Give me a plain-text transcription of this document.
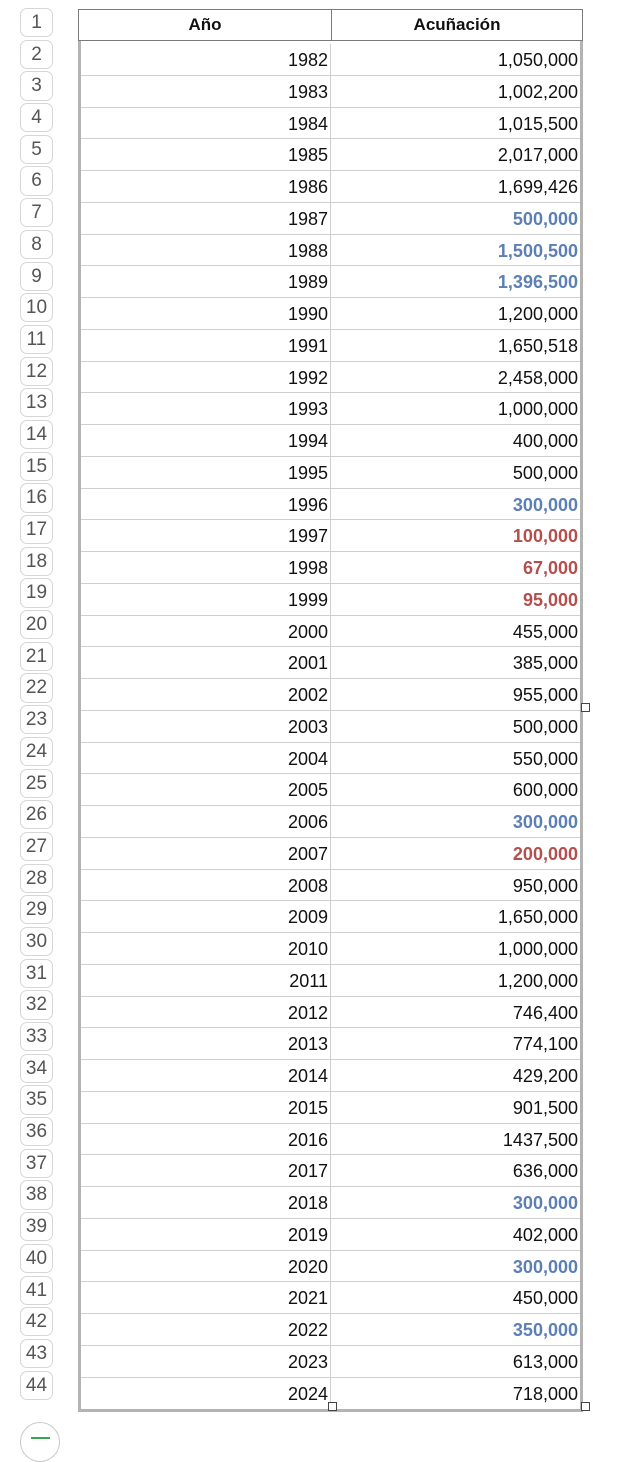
1
2
3
4
5
6
7
8
9
10
11
12
13
14
15
16
17
18
19
20
21
22
23
24
25
26
27
28
29
30
31
32
33
34
35
36
37
38
39
40
41
42
43
44
Año	Acuñación
1982	1,050,000
1983	1,002,200
1984	1,015,500
1985	2,017,000
1986	1,699,426
1987	500,000
1988	1,500,500
1989	1,396,500
1990	1,200,000
1991	1,650,518
1992	2,458,000
1993	1,000,000
1994	400,000
1995	500,000
1996	300,000
1997	100,000
1998	67,000
1999	95,000
2000	455,000
2001	385,000
2002	955,000
2003	500,000
2004	550,000
2005	600,000
2006	300,000
2007	200,000
2008	950,000
2009	1,650,000
2010	1,000,000
2011	1,200,000
2012	746,400
2013	774,100
2014	429,200
2015	901,500
2016	1437,500
2017	636,000
2018	300,000
2019	402,000
2020	300,000
2021	450,000
2022	350,000
2023	613,000
2024	718,000
